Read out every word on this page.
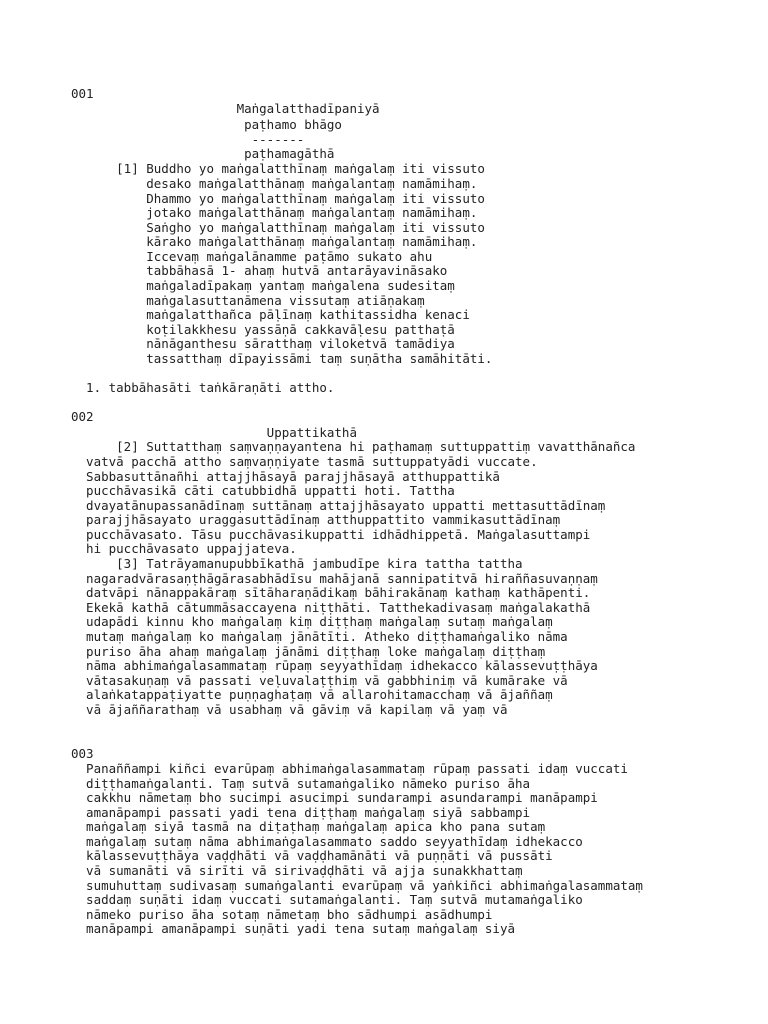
001
Maṅgalatthadīpaniyā
paṭhamo bhāgo
-------
paṭhamagāthā
[1] Buddho yo maṅgalatthīnaṃ maṅgalaṃ iti vissuto
desako maṅgalatthānaṃ maṅgalantaṃ namāmihaṃ.
Dhammo yo maṅgalatthīnaṃ maṅgalaṃ iti vissuto
jotako maṅgalatthānaṃ maṅgalantaṃ namāmihaṃ.
Saṅgho yo maṅgalatthīnaṃ maṅgalaṃ iti vissuto
kārako maṅgalatthānaṃ maṅgalantaṃ namāmihaṃ.
Iccevaṃ maṅgalānamme paṭāmo sukato ahu
tabbāhasā 1- ahaṃ hutvā antarāyavināsako
maṅgaladīpakaṃ yantaṃ maṅgalena sudesitaṃ
maṅgalasuttanāmena vissutaṃ atiāṇakaṃ
maṅgalatthañca pāḷīnaṃ kathitassidha kenaci
koṭilakkhesu yassāṇā cakkavāḷesu patthaṭā
nānāganthesu sāratthaṃ viloketvā tamādiya
tassatthaṃ dīpayissāmi taṃ suṇātha samāhitāti.
1. tabbāhasāti taṅkāraṇāti attho.
002
Uppattikathā
[2] Suttatthaṃ saṃvaṇṇayantena hi paṭhamaṃ suttuppattiṃ vavatthānañca
vatvā pacchā attho saṃvaṇṇiyate tasmā suttuppatyādi vuccate.
Sabbasuttānañhi attajjhāsayā parajjhāsayā atthuppattikā
pucchāvasikā cāti catubbidhā uppatti hoti. Tattha
dvayatānupassanādīnaṃ suttānaṃ attajjhāsayato uppatti mettasuttādīnaṃ
parajjhāsayato uraggasuttādīnaṃ atthuppattito vammikasuttādīnaṃ
pucchāvasato. Tāsu pucchāvasikuppatti idhādhippetā. Maṅgalasuttampi
hi pucchāvasato uppajjateva.
[3] Tatrāyamanupubbīkathā jambudīpe kira tattha tattha
nagaradvārasaṇṭhāgārasabhādīsu mahājanā sannipatitvā hiraññasuvaṇṇaṃ
datvāpi nānappakāraṃ sītāharaṇādikaṃ bāhirakānaṃ kathaṃ kathāpenti.
Ekekā kathā cātummāsaccayena niṭṭhāti. Tatthekadivasaṃ maṅgalakathā
udapādi kinnu kho maṅgalaṃ kiṃ diṭṭhaṃ maṅgalaṃ sutaṃ maṅgalaṃ
mutaṃ maṅgalaṃ ko maṅgalaṃ jānātīti. Atheko diṭṭhamaṅgaliko nāma
puriso āha ahaṃ maṅgalaṃ jānāmi diṭṭhaṃ loke maṅgalaṃ diṭṭhaṃ
nāma abhimaṅgalasammataṃ rūpaṃ seyyathīdaṃ idhekacco kālassevuṭṭhāya
vātasakuṇaṃ vā passati veḷuvalaṭṭhiṃ vā gabbhiniṃ vā kumārake vā
alaṅkatappaṭiyatte puṇṇaghaṭaṃ vā allarohitamacchaṃ vā ājaññaṃ
vā ājaññarathaṃ vā usabhaṃ vā gāviṃ vā kapilaṃ vā yaṃ vā
003
Panaññampi kiñci evarūpaṃ abhimaṅgalasammataṃ rūpaṃ passati idaṃ vuccati
diṭṭhamaṅgalanti. Taṃ sutvā sutamaṅgaliko nāmeko puriso āha
cakkhu nāmetaṃ bho sucimpi asucimpi sundarampi asundarampi manāpampi
amanāpampi passati yadi tena diṭṭhaṃ maṅgalaṃ siyā sabbampi
maṅgalaṃ siyā tasmā na diṭaṭhaṃ maṅgalaṃ apica kho pana sutaṃ
maṅgalaṃ sutaṃ nāma abhimaṅgalasammato saddo seyyathīdaṃ idhekacco
kālassevuṭṭhāya vaḍḍhāti vā vaḍḍhamānāti vā puṇṇāti vā pussāti
vā sumanāti vā sirīti vā sirivaḍḍhāti vā ajja sunakkhattaṃ
sumuhuttaṃ sudivasaṃ sumaṅgalanti evarūpaṃ vā yaṅkiñci abhimaṅgalasammataṃ
saddaṃ suṇāti idaṃ vuccati sutamaṅgalanti. Taṃ sutvā mutamaṅgaliko
nāmeko puriso āha sotaṃ nāmetaṃ bho sādhumpi asādhumpi
manāpampi amanāpampi suṇāti yadi tena sutaṃ maṅgalaṃ siyā
